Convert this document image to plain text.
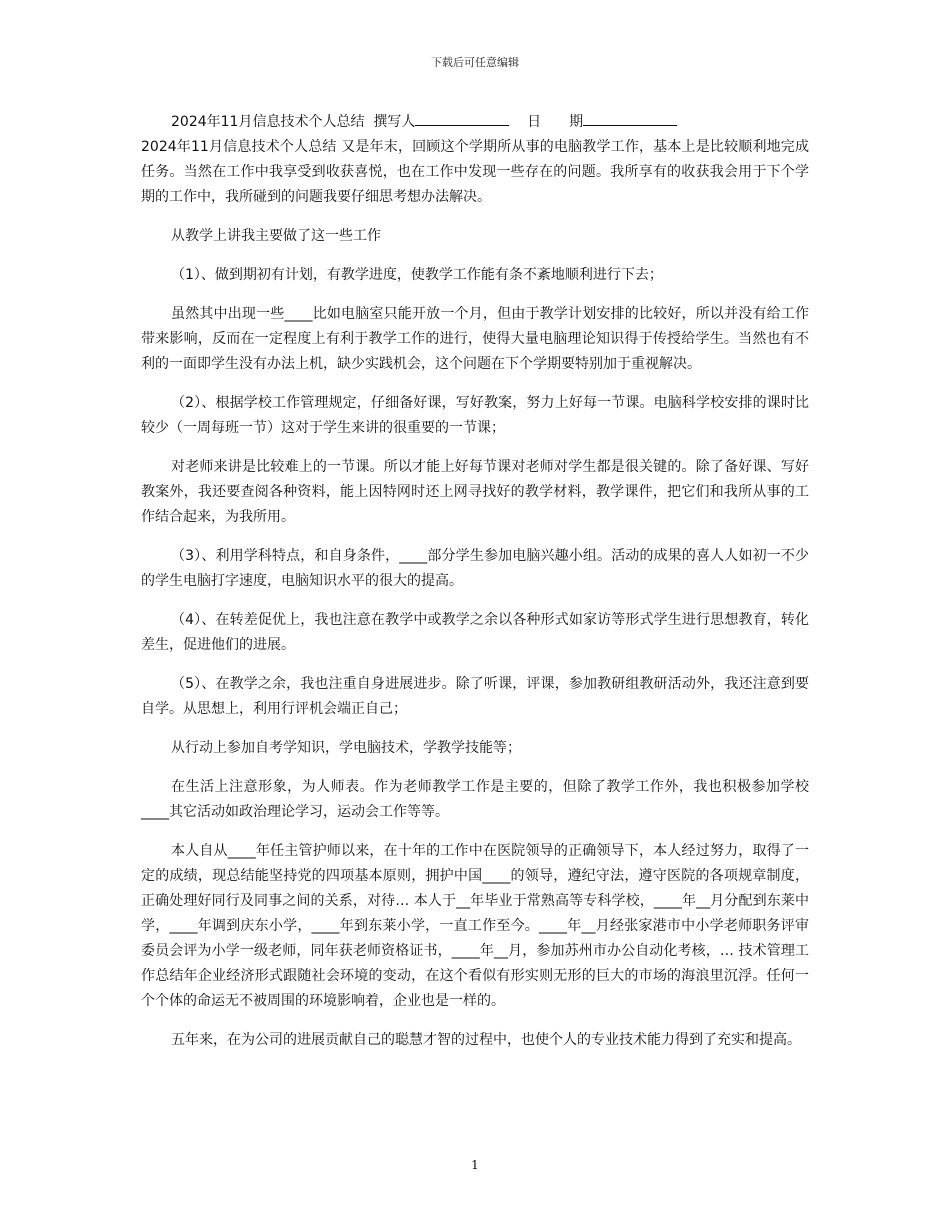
下载后可任意编辑

2024年11月信息技术个人总结 撰写人	日　　期

2024年11月信息技术个人总结 又是年末，回顾这个学期所从事的电脑教学工作，基本上是比较顺利地完成任务。当然在工作中我享受到收获喜悦，也在工作中发现一些存在的问题。我所享有的收获我会用于下个学期的工作中，我所碰到的问题我要仔细思考想办法解决。

从教学上讲我主要做了这一些工作

（1）、做到期初有计划，有教学进度，使教学工作能有条不紊地顺利进行下去；

虽然其中出现一些____比如电脑室只能开放一个月，但由于教学计划安排的比较好，所以并没有给工作带来影响，反而在一定程度上有利于教学工作的进行，使得大量电脑理论知识得于传授给学生。当然也有不利的一面即学生没有办法上机，缺少实践机会，这个问题在下个学期要特别加于重视解决。

（2）、根据学校工作管理规定，仔细备好课，写好教案，努力上好每一节课。电脑科学校安排的课时比较少（一周每班一节）这对于学生来讲的很重要的一节课；

对老师来讲是比较难上的一节课。所以才能上好每节课对老师对学生都是很关键的。除了备好课、写好教案外，我还要查阅各种资料，能上因特网时还上网寻找好的教学材料，教学课件，把它们和我所从事的工作结合起来，为我所用。

（3）、利用学科特点，和自身条件，____部分学生参加电脑兴趣小组。活动的成果的喜人人如初一不少的学生电脑打字速度，电脑知识水平的很大的提高。

（4）、在转差促优上，我也注意在教学中或教学之余以各种形式如家访等形式学生进行思想教育，转化差生，促进他们的进展。

（5）、在教学之余，我也注重自身进展进步。除了听课，评课，参加教研组教研活动外，我还注意到要自学。从思想上，利用行评机会端正自己；

从行动上参加自考学知识，学电脑技术，学教学技能等；

在生活上注意形象，为人师表。作为老师教学工作是主要的，但除了教学工作外，我也积极参加学校____其它活动如政治理论学习，运动会工作等等。

本人自从____年任主管护师以来，在十年的工作中在医院领导的正确领导下，本人经过努力，取得了一定的成绩，现总结能坚持党的四项基本原则，拥护中国____的领导，遵纪守法，遵守医院的各项规章制度，正确处理好同行及同事之间的关系，对待… 本人于__年毕业于常熟高等专科学校，____年__月分配到东莱中学，____年调到庆东小学，____年到东莱小学，一直工作至今。____年__月经张家港市中小学老师职务评审委员会评为小学一级老师，同年获老师资格证书，____年__月，参加苏州市办公自动化考核，… 技术管理工作总结年企业经济形式跟随社会环境的变动，在这个看似有形实则无形的巨大的市场的海浪里沉浮。任何一个个体的命运无不被周围的环境影响着，企业也是一样的。

五年来，在为公司的进展贡献自己的聪慧才智的过程中，也使个人的专业技术能力得到了充实和提高。

1
